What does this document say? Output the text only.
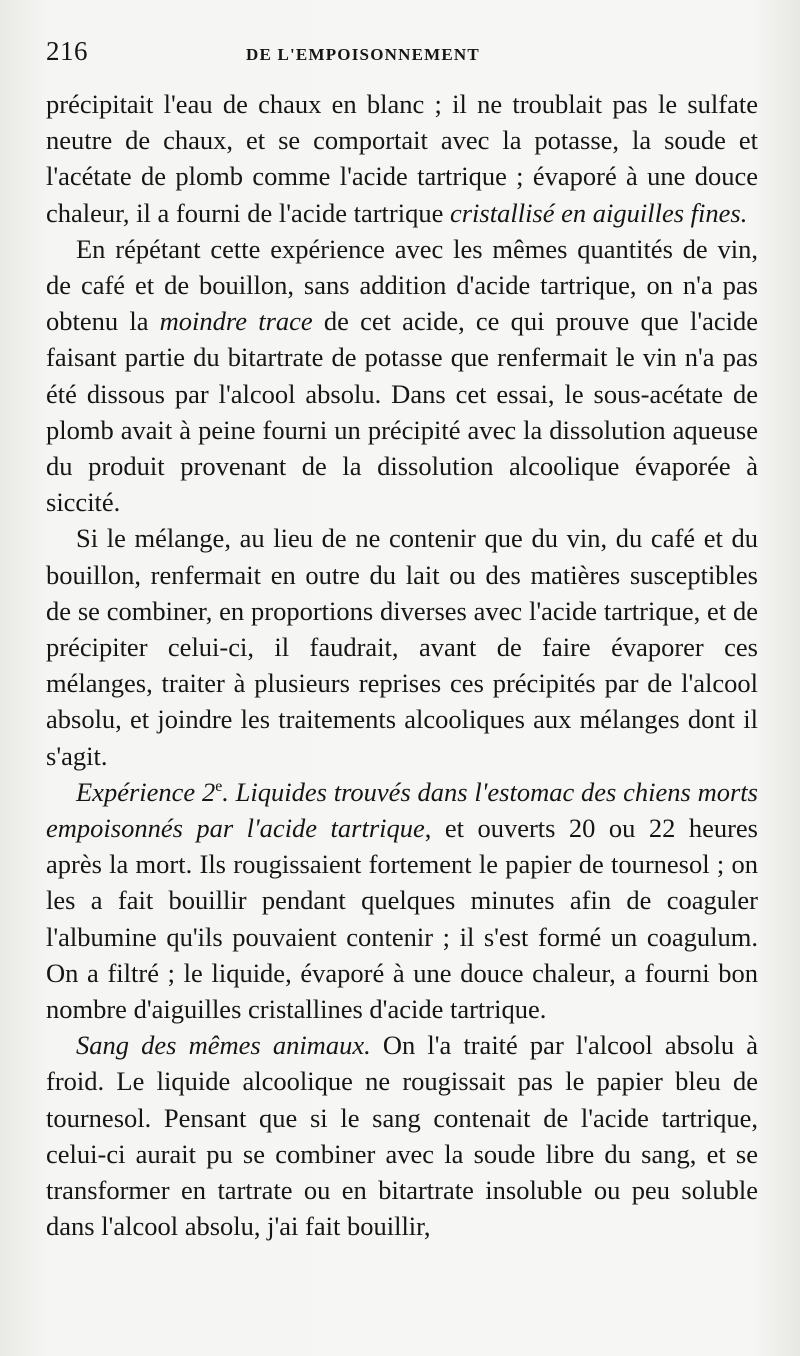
216	DE L'EMPOISONNEMENT

précipitait l'eau de chaux en blanc ; il ne troublait pas le sulfate neutre de chaux, et se comportait avec la potasse, la soude et l'acétate de plomb comme l'acide tartrique ; évaporé à une douce chaleur, il a fourni de l'acide tartrique cristallisé en aiguilles fines.

En répétant cette expérience avec les mêmes quantités de vin, de café et de bouillon, sans addition d'acide tartrique, on n'a pas obtenu la moindre trace de cet acide, ce qui prouve que l'acide faisant partie du bitartrate de potasse que renfermait le vin n'a pas été dissous par l'alcool absolu. Dans cet essai, le sous-acétate de plomb avait à peine fourni un précipité avec la dissolution aqueuse du produit provenant de la dissolution alcoolique évaporée à siccité.

Si le mélange, au lieu de ne contenir que du vin, du café et du bouillon, renfermait en outre du lait ou des matières susceptibles de se combiner, en proportions diverses avec l'acide tartrique, et de précipiter celui-ci, il faudrait, avant de faire évaporer ces mélanges, traiter à plusieurs reprises ces précipités par de l'alcool absolu, et joindre les traitements alcooliques aux mélanges dont il s'agit.

Expérience 2e. Liquides trouvés dans l'estomac des chiens morts empoisonnés par l'acide tartrique, et ouverts 20 ou 22 heures après la mort. Ils rougissaient fortement le papier de tournesol ; on les a fait bouillir pendant quelques minutes afin de coaguler l'albumine qu'ils pouvaient contenir ; il s'est formé un coagulum. On a filtré ; le liquide, évaporé à une douce chaleur, a fourni bon nombre d'aiguilles cristallines d'acide tartrique.

Sang des mêmes animaux. On l'a traité par l'alcool absolu à froid. Le liquide alcoolique ne rougissait pas le papier bleu de tournesol. Pensant que si le sang contenait de l'acide tartrique, celui-ci aurait pu se combiner avec la soude libre du sang, et se transformer en tartrate ou en bitartrate insoluble ou peu soluble dans l'alcool absolu, j'ai fait bouillir,
